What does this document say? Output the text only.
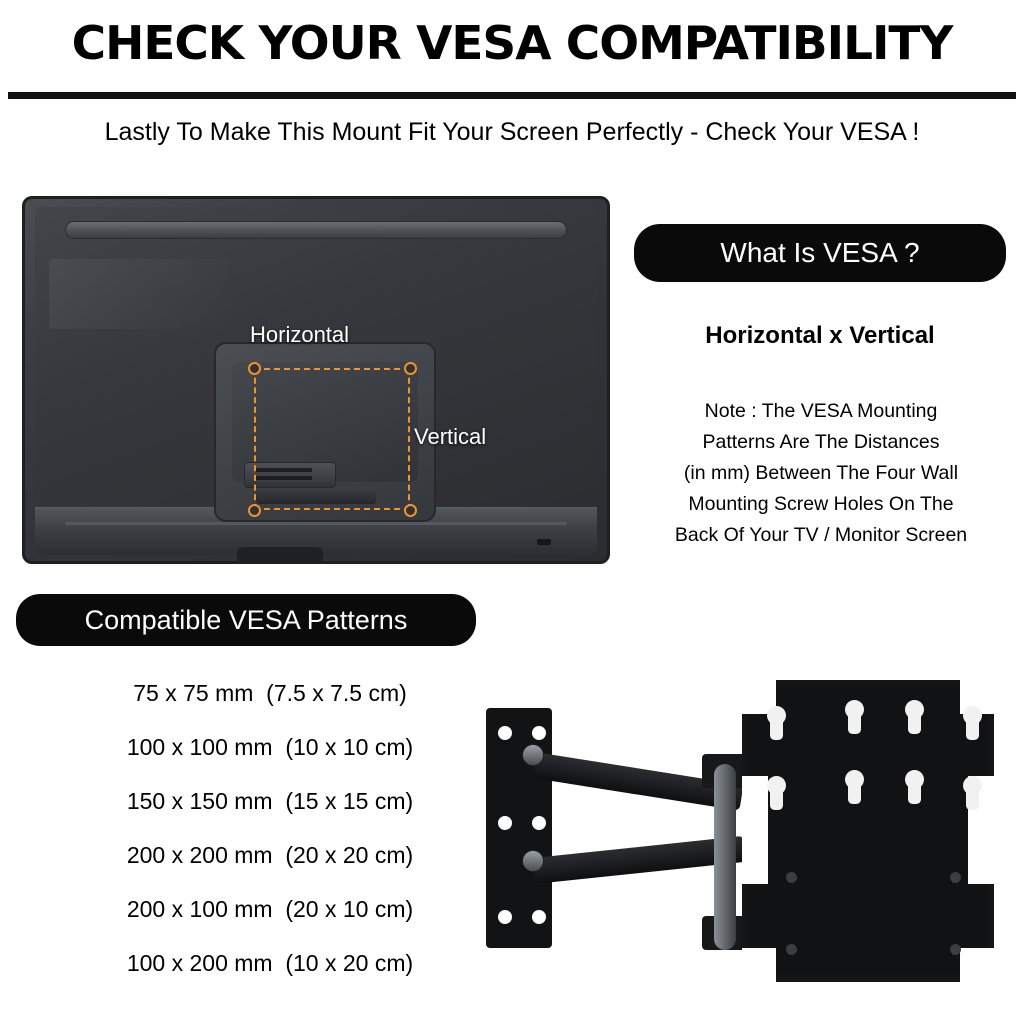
CHECK YOUR VESA COMPATIBILITY
Lastly To Make This Mount Fit Your Screen Perfectly - Check Your VESA !
Horizontal
Vertical
What Is VESA ?
Horizontal x Vertical
Note : The VESA Mounting
Patterns Are The Distances
(in mm) Between The Four Wall
Mounting Screw Holes On The
Back Of Your TV / Monitor Screen
Compatible VESA Patterns
75 x 75 mm  (7.5 x 7.5 cm)
100 x 100 mm  (10 x 10 cm)
150 x 150 mm  (15 x 15 cm)
200 x 200 mm  (20 x 20 cm)
200 x 100 mm  (20 x 10 cm)
100 x 200 mm  (10 x 20 cm)
